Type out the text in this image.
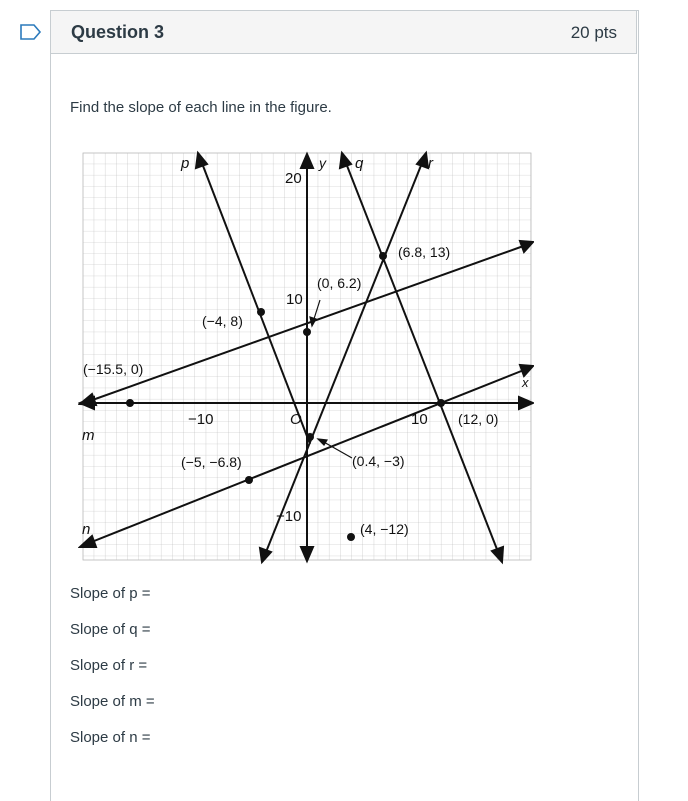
Question 3	20 pts
Find the slope of each line in the figure.
y
x
O
−10	10
20
10
−10
p	q	r
m
n
(−15.5, 0)
(−4, 8)
(0, 6.2)
(6.8, 13)
(12, 0)
(0.4, −3)
(−5, −6.8)
(4, −12)
Slope of p =
Slope of q =
Slope of r =
Slope of m =
Slope of n =
